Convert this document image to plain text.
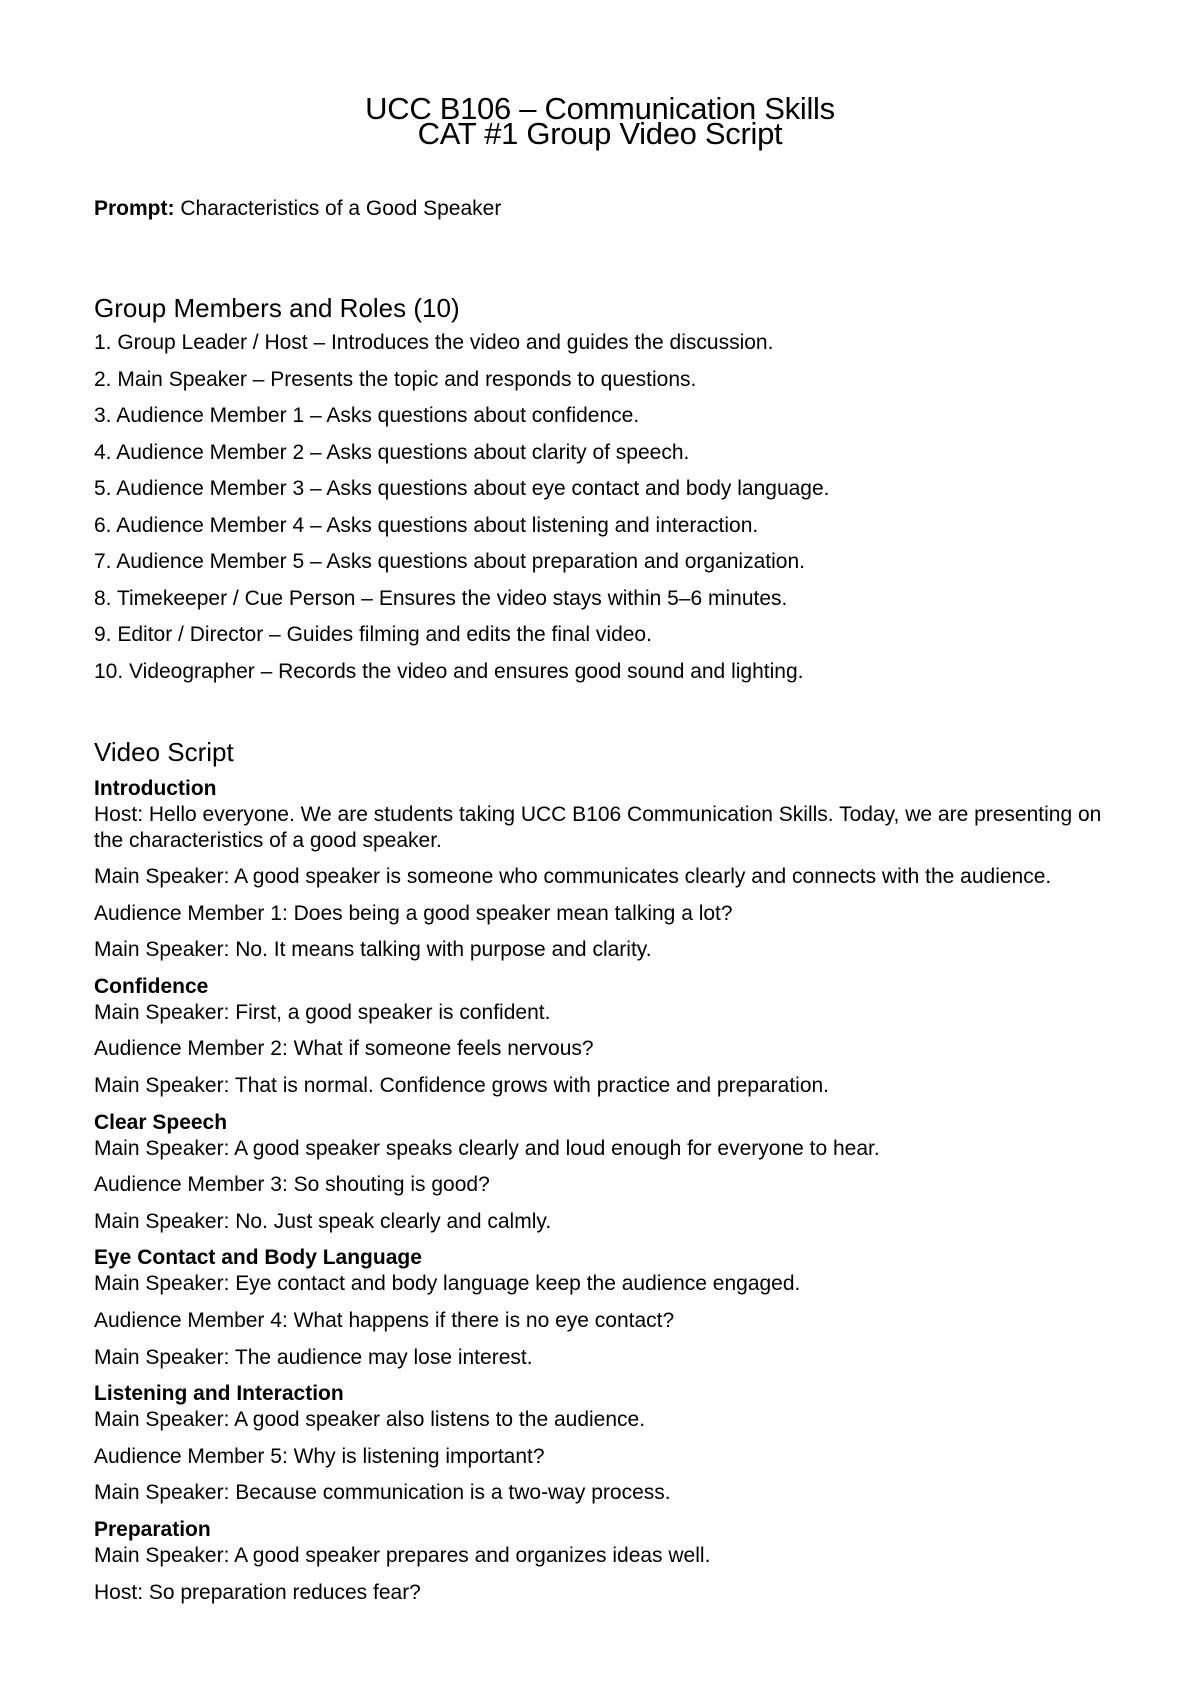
UCC B106 – Communication Skills
CAT #1 Group Video Script

Prompt: Characteristics of a Good Speaker

Group Members and Roles (10)
1. Group Leader / Host – Introduces the video and guides the discussion.
2. Main Speaker – Presents the topic and responds to questions.
3. Audience Member 1 – Asks questions about confidence.
4. Audience Member 2 – Asks questions about clarity of speech.
5. Audience Member 3 – Asks questions about eye contact and body language.
6. Audience Member 4 – Asks questions about listening and interaction.
7. Audience Member 5 – Asks questions about preparation and organization.
8. Timekeeper / Cue Person – Ensures the video stays within 5–6 minutes.
9. Editor / Director – Guides filming and edits the final video.
10. Videographer – Records the video and ensures good sound and lighting.
Video Script
Introduction

Host : Hello everyone. We are students taking UCC B106 Communication Skills. Today, we are presenting on the characteristics of a good speaker.

Main Speaker : A good speaker is someone who communicates clearly and connects with the audience.

Audience Member 1 : Does being a good speaker mean talking a lot?

Main Speaker : No. It means talking with purpose and clarity.

Confidence

Main Speaker : First, a good speaker is confident.

Audience Member 2 : What if someone feels nervous?

Main Speaker : That is normal. Confidence grows with practice and preparation.

Clear Speech

Main Speaker : A good speaker speaks clearly and loud enough for everyone to hear.

Audience Member 3 : So shouting is good?

Main Speaker : No. Just speak clearly and calmly.

Eye Contact and Body Language

Main Speaker : Eye contact and body language keep the audience engaged.

Audience Member 4 : What happens if there is no eye contact?

Main Speaker : The audience may lose interest.

Listening and Interaction

Main Speaker : A good speaker also listens to the audience.

Audience Member 5 : Why is listening important?

Main Speaker : Because communication is a two-way process.

Preparation

Main Speaker : A good speaker prepares and organizes ideas well.

Host : So preparation reduces fear?
